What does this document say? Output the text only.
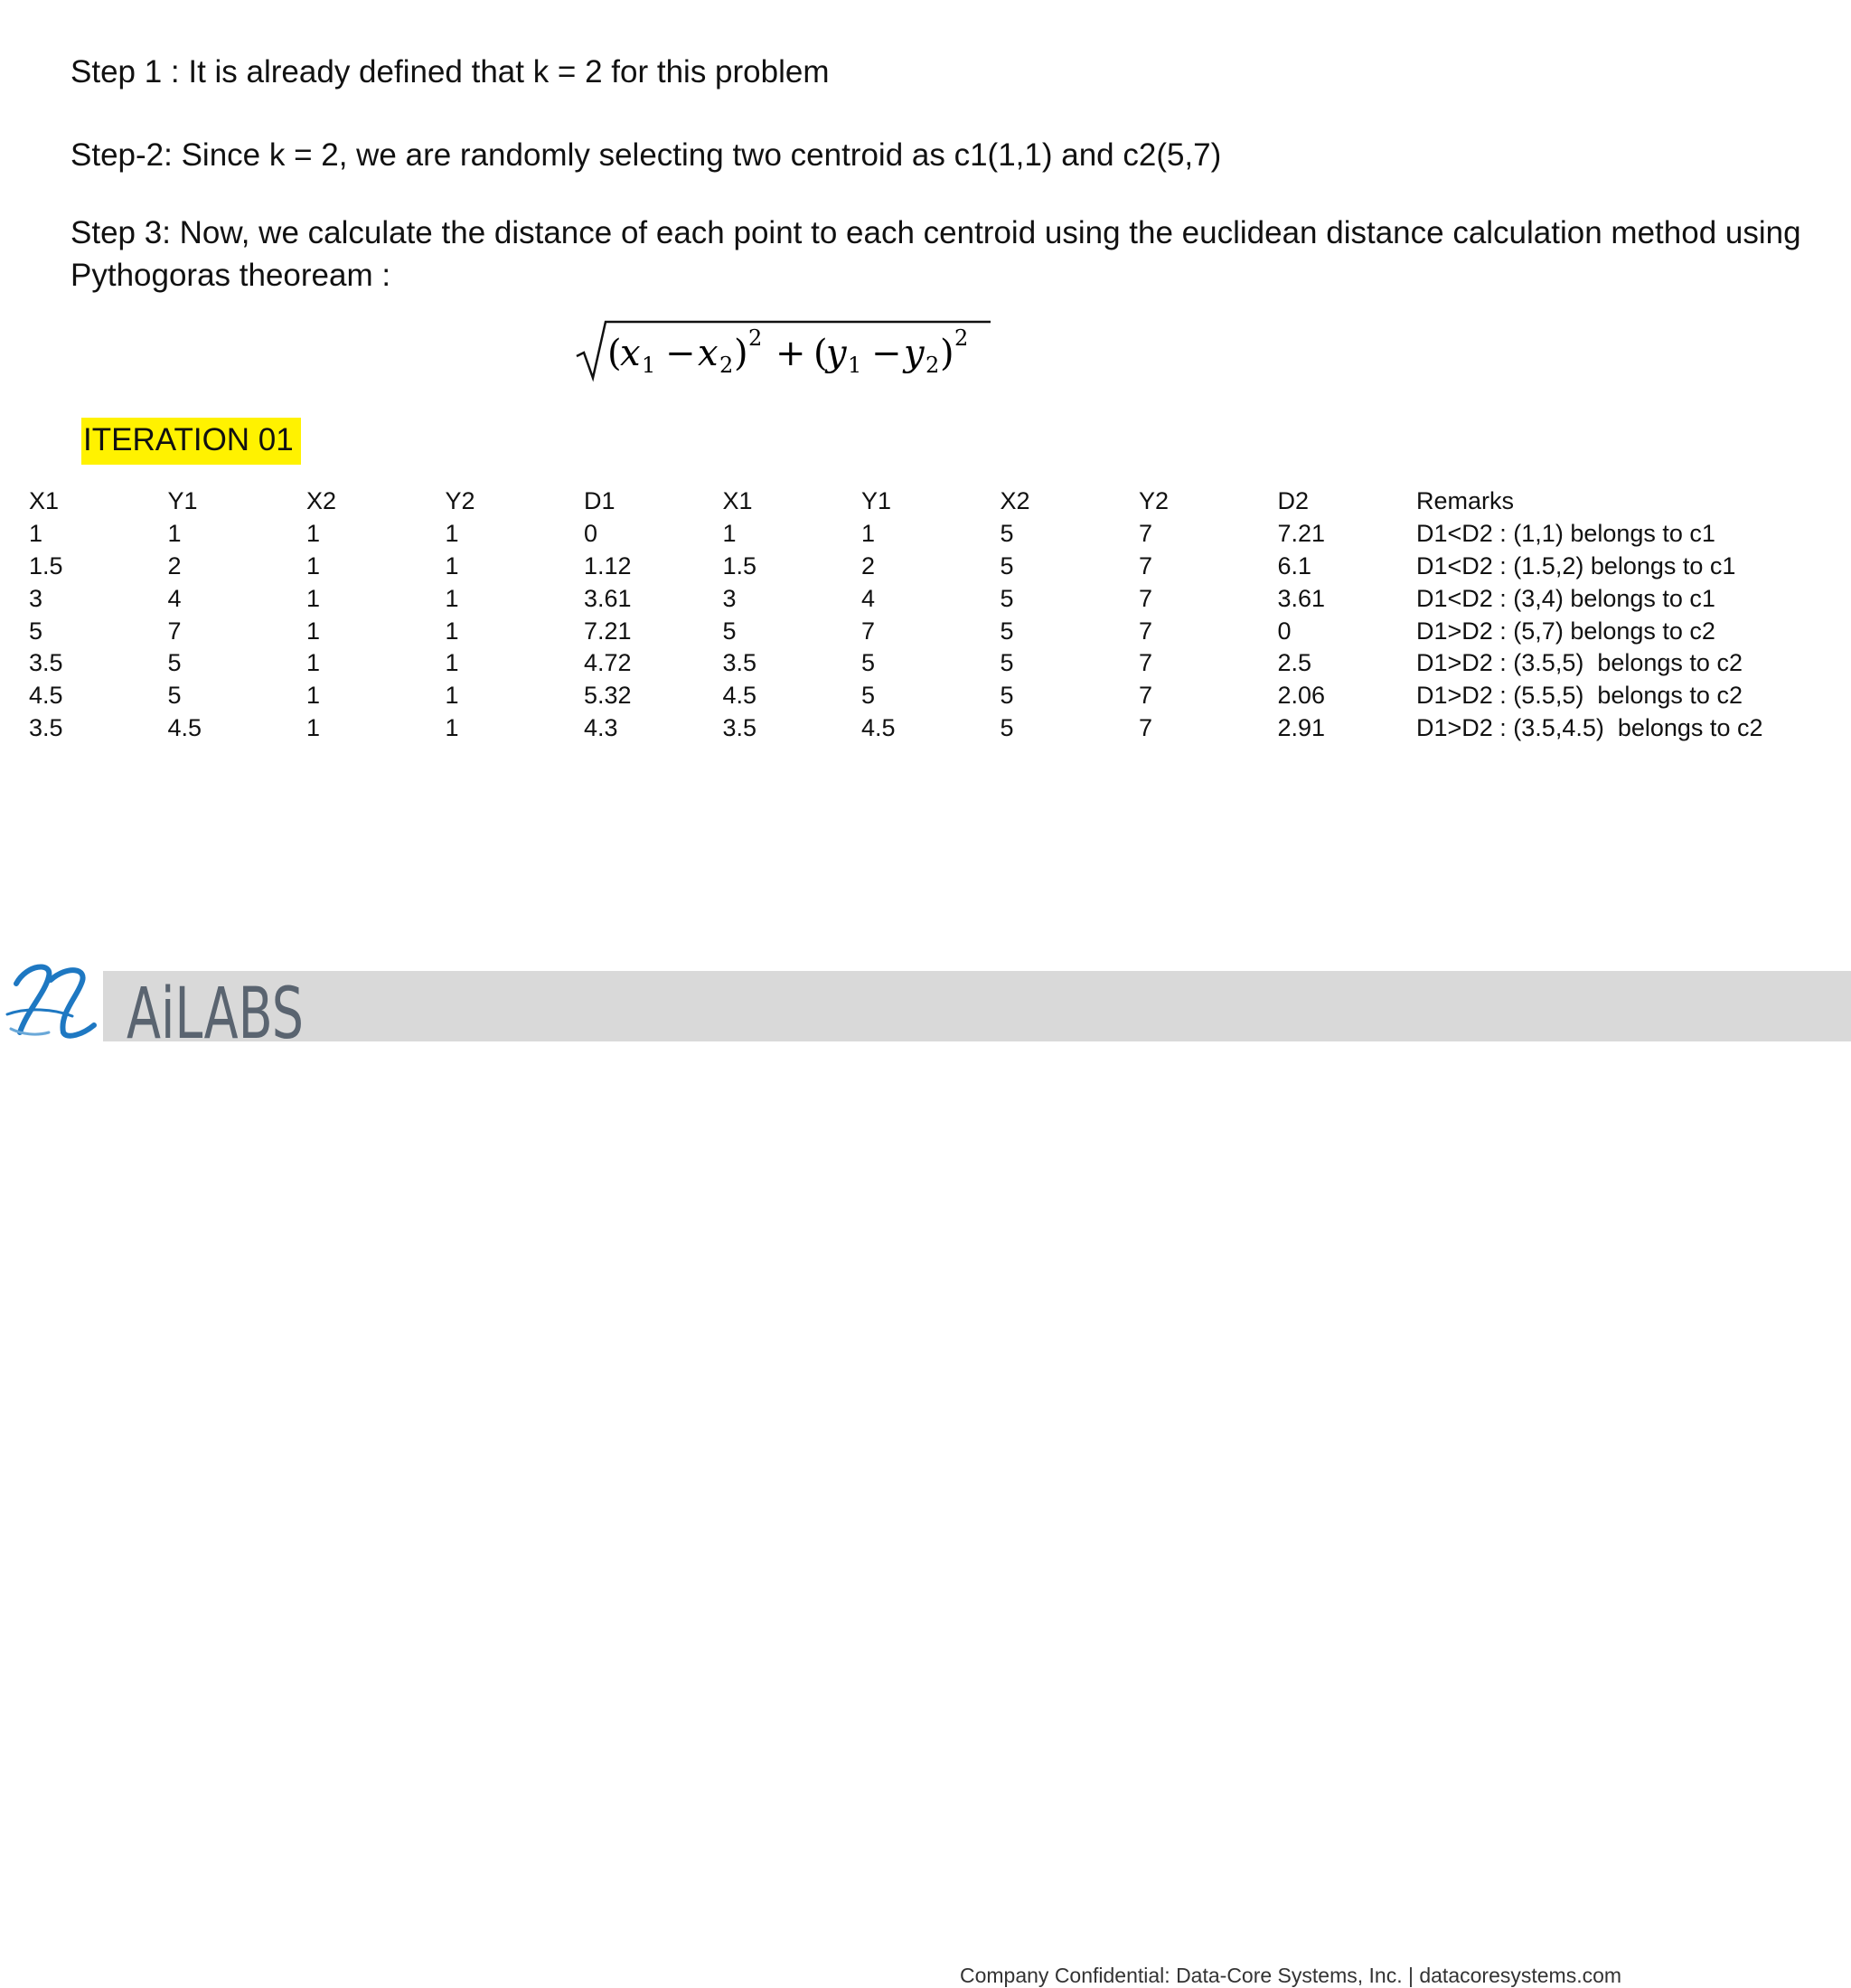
Step 1 : It is already defined that k = 2 for this problem

Step-2: Since k = 2, we are randomly selecting two centroid as c1(1,1) and c2(5,7)

Step 3: Now, we calculate the distance of each point to each centroid using the euclidean distance calculation method using Pythogoras theoream :

(
x 1 − x 2 ) 2 + (
y 1 − y 2 ) 2
ITERATION 01
X1	Y1	X2	Y2	D1	X1	Y1	X2	Y2	D2	Remarks
1	1	1	1	0	1	1	5	7	7.21	D1<D2 : (1,1) belongs to c1
1.5	2	1	1	1.12	1.5	2	5	7	6.1	D1<D2 : (1.5,2) belongs to c1
3	4	1	1	3.61	3	4	5	7	3.61	D1<D2 : (3,4) belongs to c1
5	7	1	1	7.21	5	7	5	7	0	D1>D2 : (5,7) belongs to c2
3.5	5	1	1	4.72	3.5	5	5	7	2.5	D1>D2 : (3.5,5)  belongs to c2
4.5	5	1	1	5.32	4.5	5	5	7	2.06	D1>D2 : (5.5,5)  belongs to c2
3.5	4.5	1	1	4.3	3.5	4.5	5	7	2.91	D1>D2 : (3.5,4.5)  belongs to c2
Company Confidential: Data-Core Systems, Inc. | datacoresystems.com
AiLABS
